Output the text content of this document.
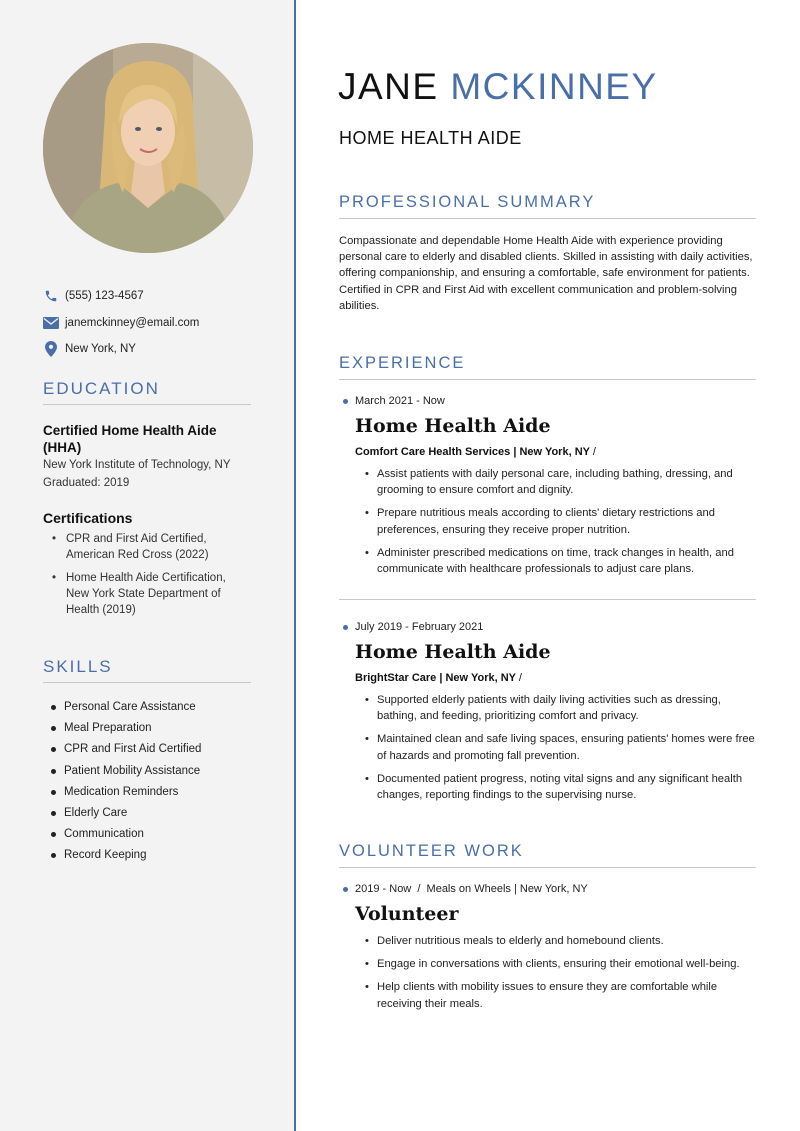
(555) 123-4567
janemckinney@email.com
New York, NY
EDUCATION
Certified Home Health Aide (HHA)
New York Institute of Technology, NY
Graduated: 2019
Certifications
• CPR and First Aid Certified, American Red Cross (2022)
• Home Health Aide Certification, New York State Department of Health (2019)
SKILLS
Personal Care Assistance
Meal Preparation
CPR and First Aid Certified
Patient Mobility Assistance
Medication Reminders
Elderly Care
Communication
Record Keeping
JANE MCKINNEY
HOME HEALTH AIDE
PROFESSIONAL SUMMARY

Compassionate and dependable Home Health Aide with experience providing personal care to elderly and disabled clients. Skilled in assisting with daily activities, offering companionship, and ensuring a comfortable, safe environment for patients. Certified in CPR and First Aid with excellent communication and problem-solving abilities.

EXPERIENCE
March 2021 - Now
Home Health Aide
Comfort Care Health Services | New York, NY /
• Assist patients with daily personal care, including bathing, dressing, and grooming to ensure comfort and dignity.
• Prepare nutritious meals according to clients' dietary restrictions and preferences, ensuring they receive proper nutrition.
• Administer prescribed medications on time, track changes in health, and communicate with healthcare professionals to adjust care plans.
July 2019 - February 2021
Home Health Aide
BrightStar Care | New York, NY /
• Supported elderly patients with daily living activities such as dressing, bathing, and feeding, prioritizing comfort and privacy.
• Maintained clean and safe living spaces, ensuring patients' homes were free of hazards and promoting fall prevention.
• Documented patient progress, noting vital signs and any significant health changes, reporting findings to the supervising nurse.
VOLUNTEER WORK
2019 - Now  /  Meals on Wheels | New York, NY
Volunteer
• Deliver nutritious meals to elderly and homebound clients.
• Engage in conversations with clients, ensuring their emotional well-being.
• Help clients with mobility issues to ensure they are comfortable while receiving their meals.
